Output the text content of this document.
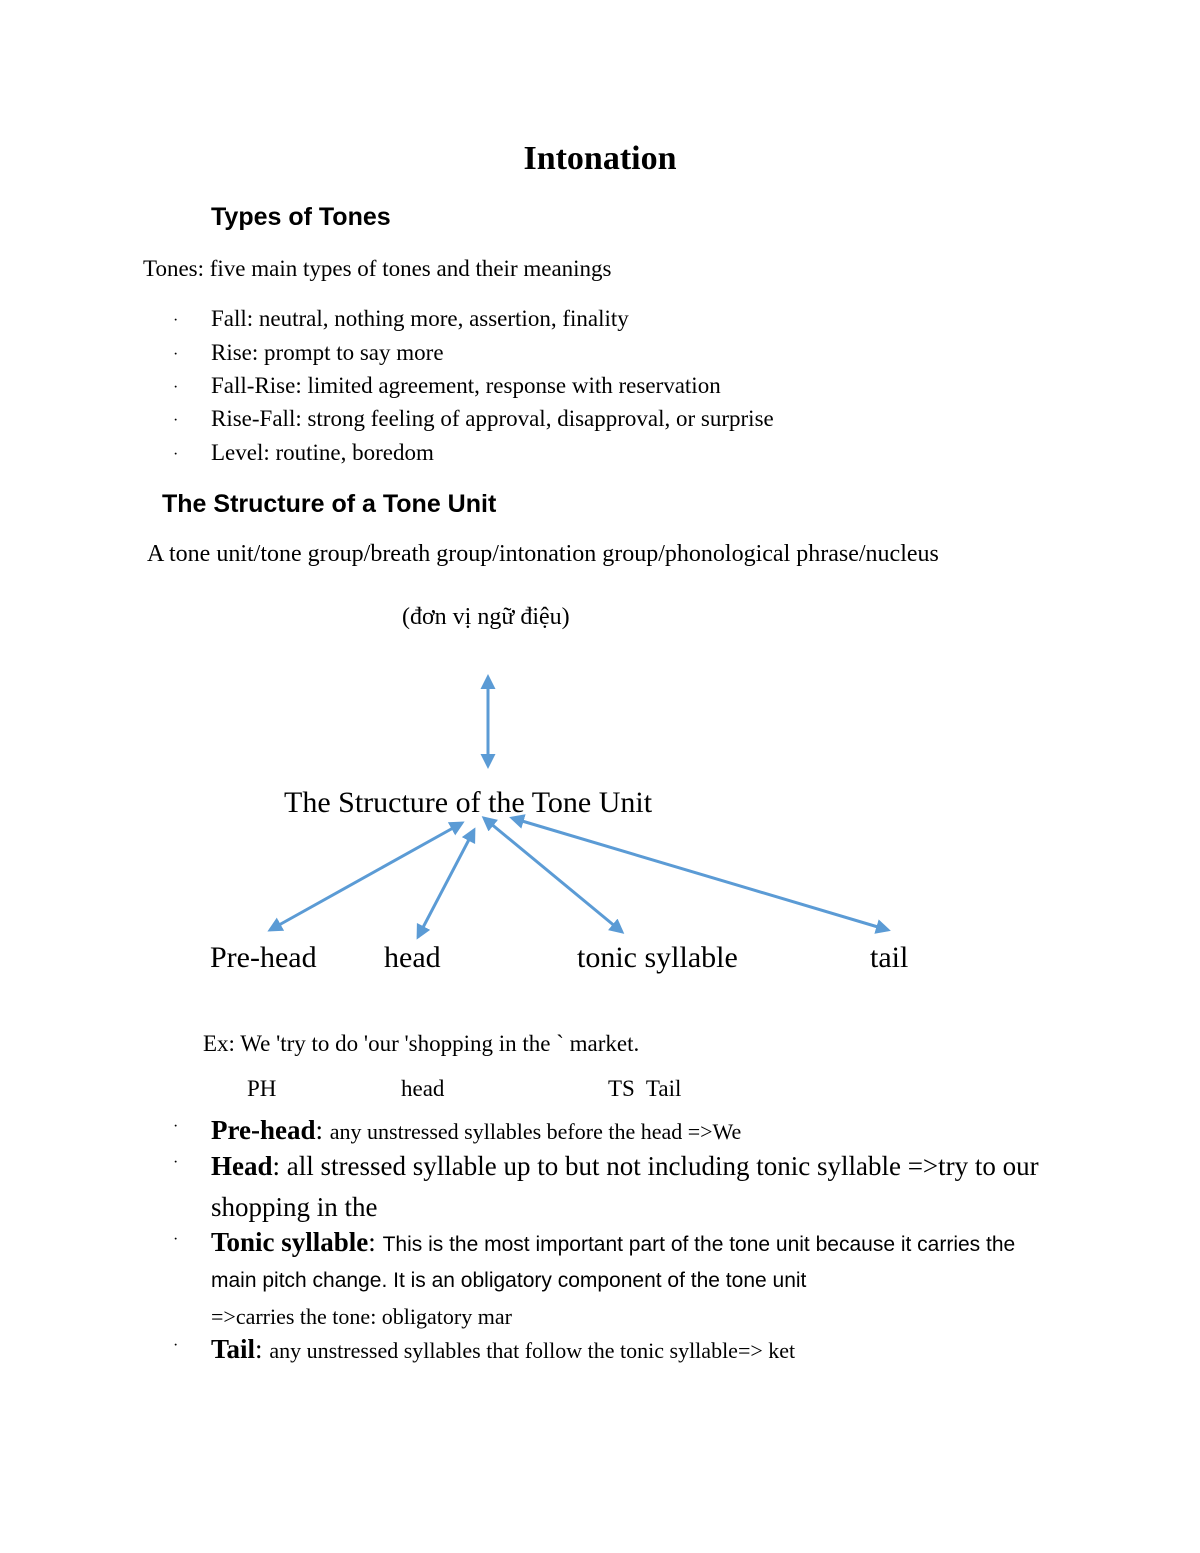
Intonation
Types of Tones
Tones: five main types of tones and their meanings
· Fall: neutral, nothing more, assertion, finality
· Rise: prompt to say more
· Fall-Rise: limited agreement, response with reservation
· Rise-Fall: strong feeling of approval, disapproval, or surprise
· Level: routine, boredom
The Structure of a Tone Unit
A tone unit/tone group/breath group/intonation group/phonological phrase/nucleus
(đơn vị ngữ điệu)
The Structure of the Tone Unit
Pre-head head	tonic syllable	tail
Ex: We 'try to do 'our 'shopping in the ˋ market.
PH	head	TS  Tail
· Pre-head: any unstressed syllables before the head =>We
· Head: all stressed syllable up to but not including tonic syllable =>try to our shopping in the
· Tonic syllable: This is the most important part of the tone unit because it carries the main pitch change. It is an obligatory component of the tone unit
=>carries the tone: obligatory mar
· Tail: any unstressed syllables that follow the tonic syllable=> ket
